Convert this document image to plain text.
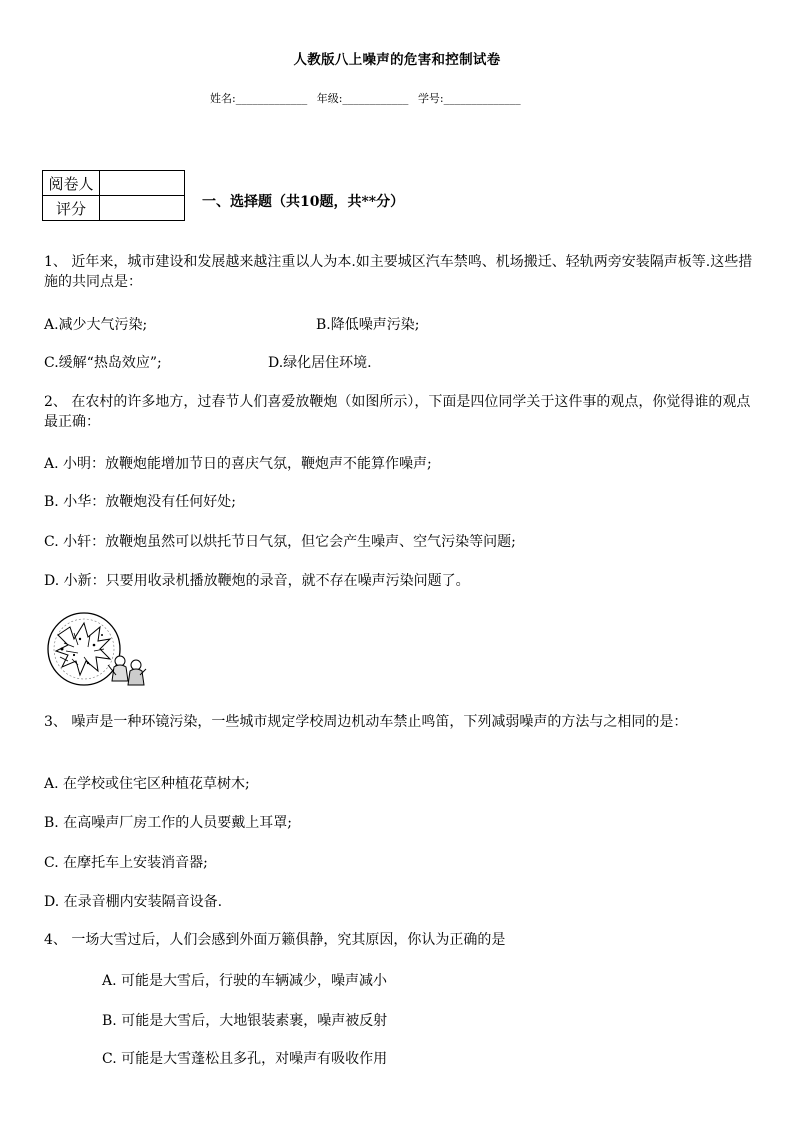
人教版八上噪声的危害和控制试卷
姓名:_____________ 年级:____________ 学号:______________
阅卷人	
评分		一、选择题（共10题，共**分）
1、 近年来，城市建设和发展越来越注重以人为本.如主要城区汽车禁鸣、机场搬迁、轻轨两旁安装隔声板等.这些措施的共同点是：
A.减少大气污染;	B.降低噪声污染;
C.缓解“热岛效应”;	D.绿化居住环境.
2、 在农村的许多地方，过春节人们喜爱放鞭炮（如图所示），下面是四位同学关于这件事的观点，你觉得谁的观点最正确：
A. 小明：放鞭炮能增加节日的喜庆气氛，鞭炮声不能算作噪声;
B. 小华：放鞭炮没有任何好处;
C. 小轩：放鞭炮虽然可以烘托节日气氛，但它会产生噪声、空气污染等问题;
D. 小新：只要用收录机播放鞭炮的录音，就不存在噪声污染问题了。
3、 噪声是一种环镜污染，一些城市规定学校周边机动车禁止鸣笛，下列减弱噪声的方法与之相同的是：
A. 在学校或住宅区种植花草树木;
B. 在高噪声厂房工作的人员要戴上耳罩;
C. 在摩托车上安装消音器;
D. 在录音棚内安装隔音设备.
4、 一场大雪过后，人们会感到外面万籁俱静，究其原因，你认为正确的是
A. 可能是大雪后，行驶的车辆减少，噪声减小
B. 可能是大雪后，大地银装素裹，噪声被反射
C. 可能是大雪蓬松且多孔，对噪声有吸收作用
